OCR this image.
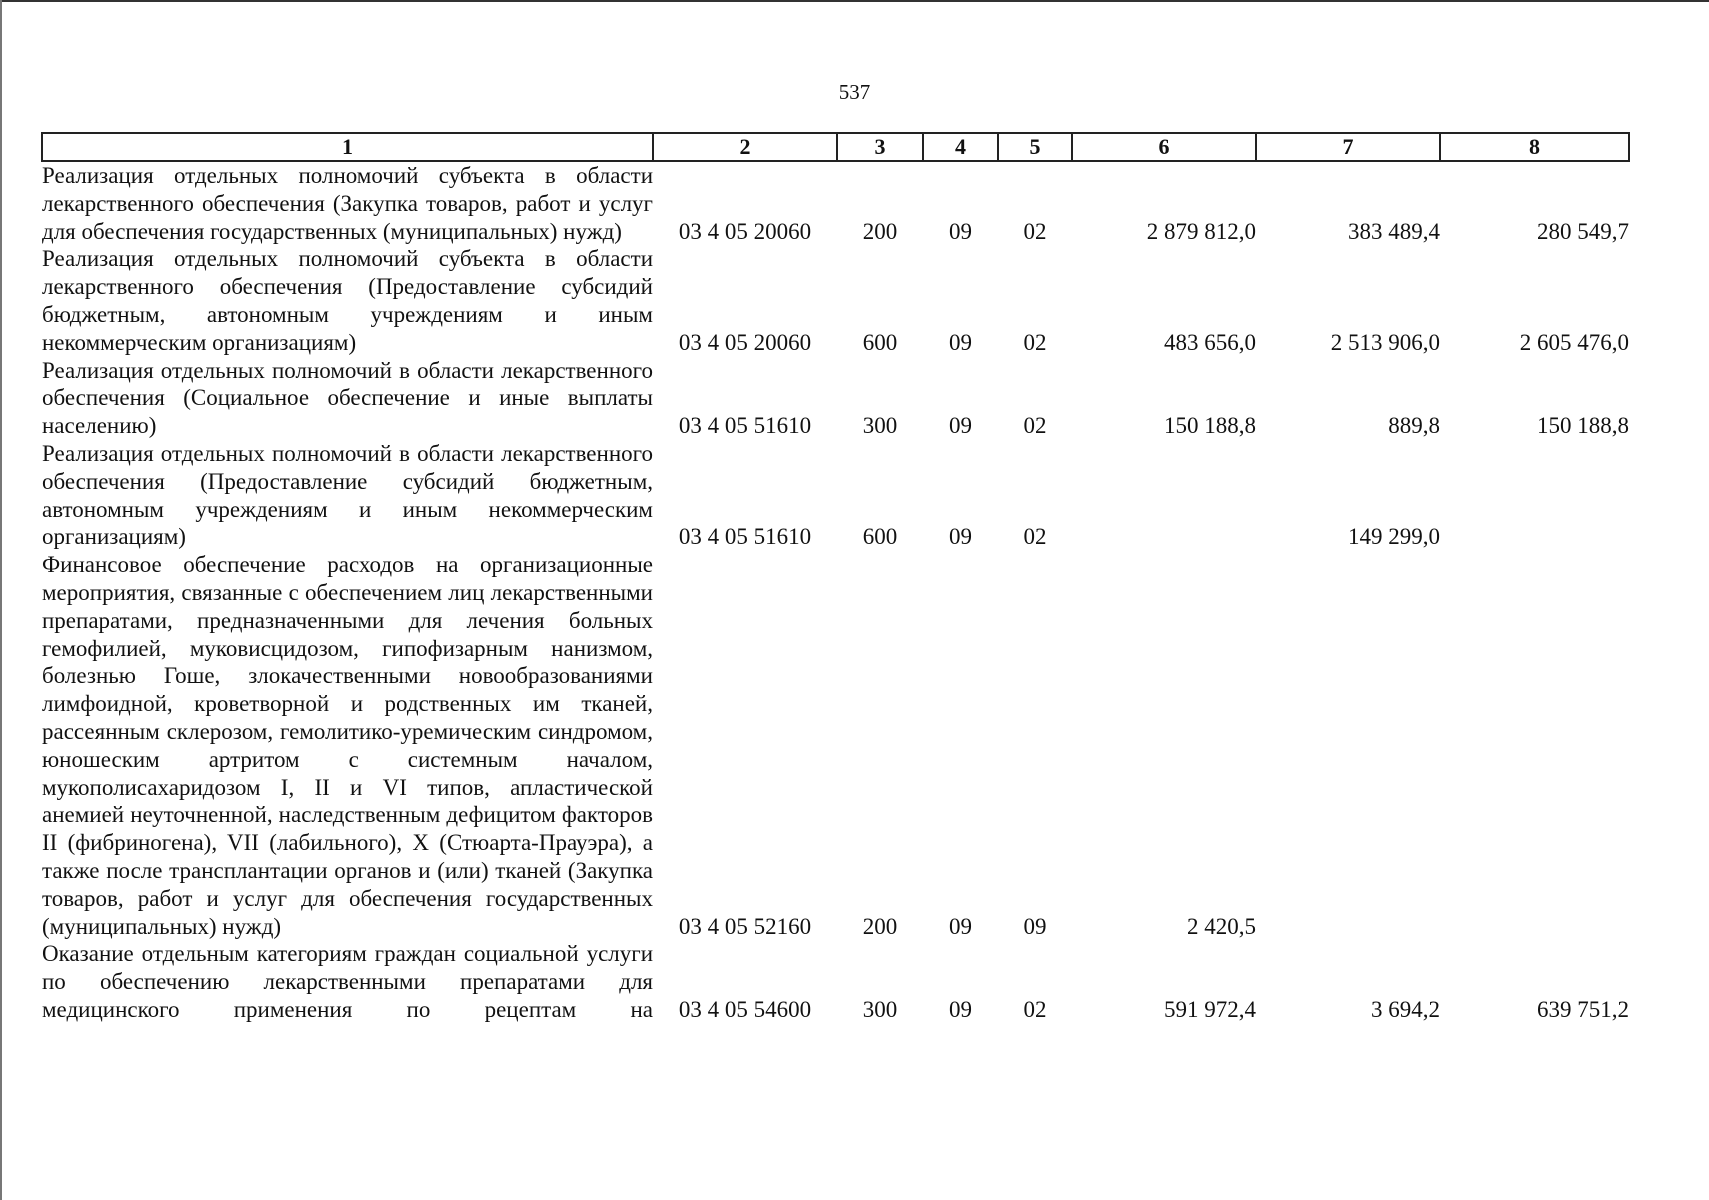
537
1	2	3	4	5	6	7	8
Реализация отдельных полномочий субъекта в области лекарственного обеспечения (Закупка товаров, работ и услуг для обеспечения государственных (муниципальных) нужд)	03 4 05 20060	200	09	02	2 879 812,0	383 489,4	280 549,7
Реализация отдельных полномочий субъекта в области лекарственного обеспечения (Предоставление субсидий бюджетным, автономным учреждениям и иным некоммерческим организациям)	03 4 05 20060	600	09	02	483 656,0	2 513 906,0	2 605 476,0
Реализация отдельных полномочий в области лекарственного обеспечения (Социальное обеспечение и иные выплаты населению)	03 4 05 51610	300	09	02	150 188,8	889,8	150 188,8
Реализация отдельных полномочий в области лекарственного обеспечения (Предоставление субсидий бюджетным, автономным учреждениям и иным некоммерческим организациям)	03 4 05 51610	600	09	02		149 299,0	
Финансовое обеспечение расходов на организационные мероприятия, связанные с обеспечением лиц лекарственными препаратами, предназначенными для лечения больных гемофилией, муковисцидозом, гипофизарным нанизмом, болезнью Гоше, злокачественными новообразованиями лимфоидной, кроветворной и родственных им тканей, рассеянным склерозом, гемолитико-уремическим синдромом, юношеским артритом с системным началом, мукополисахаридозом I, II и VI типов, апластической анемией неуточненной, наследственным дефицитом факторов II (фибриногена), VII (лабильного), X (Стюарта-Прауэра), а также после трансплантации органов и (или) тканей (Закупка товаров, работ и услуг для обеспечения государственных (муниципальных) нужд)	03 4 05 52160	200	09	09	2 420,5		

Оказание отдельным категориям граждан социальной услуги по обеспечению лекарственными препаратами для медицинского применения по рецептам на	03 4 05 54600	300	09	02	591 972,4	3 694,2	639 751,2
